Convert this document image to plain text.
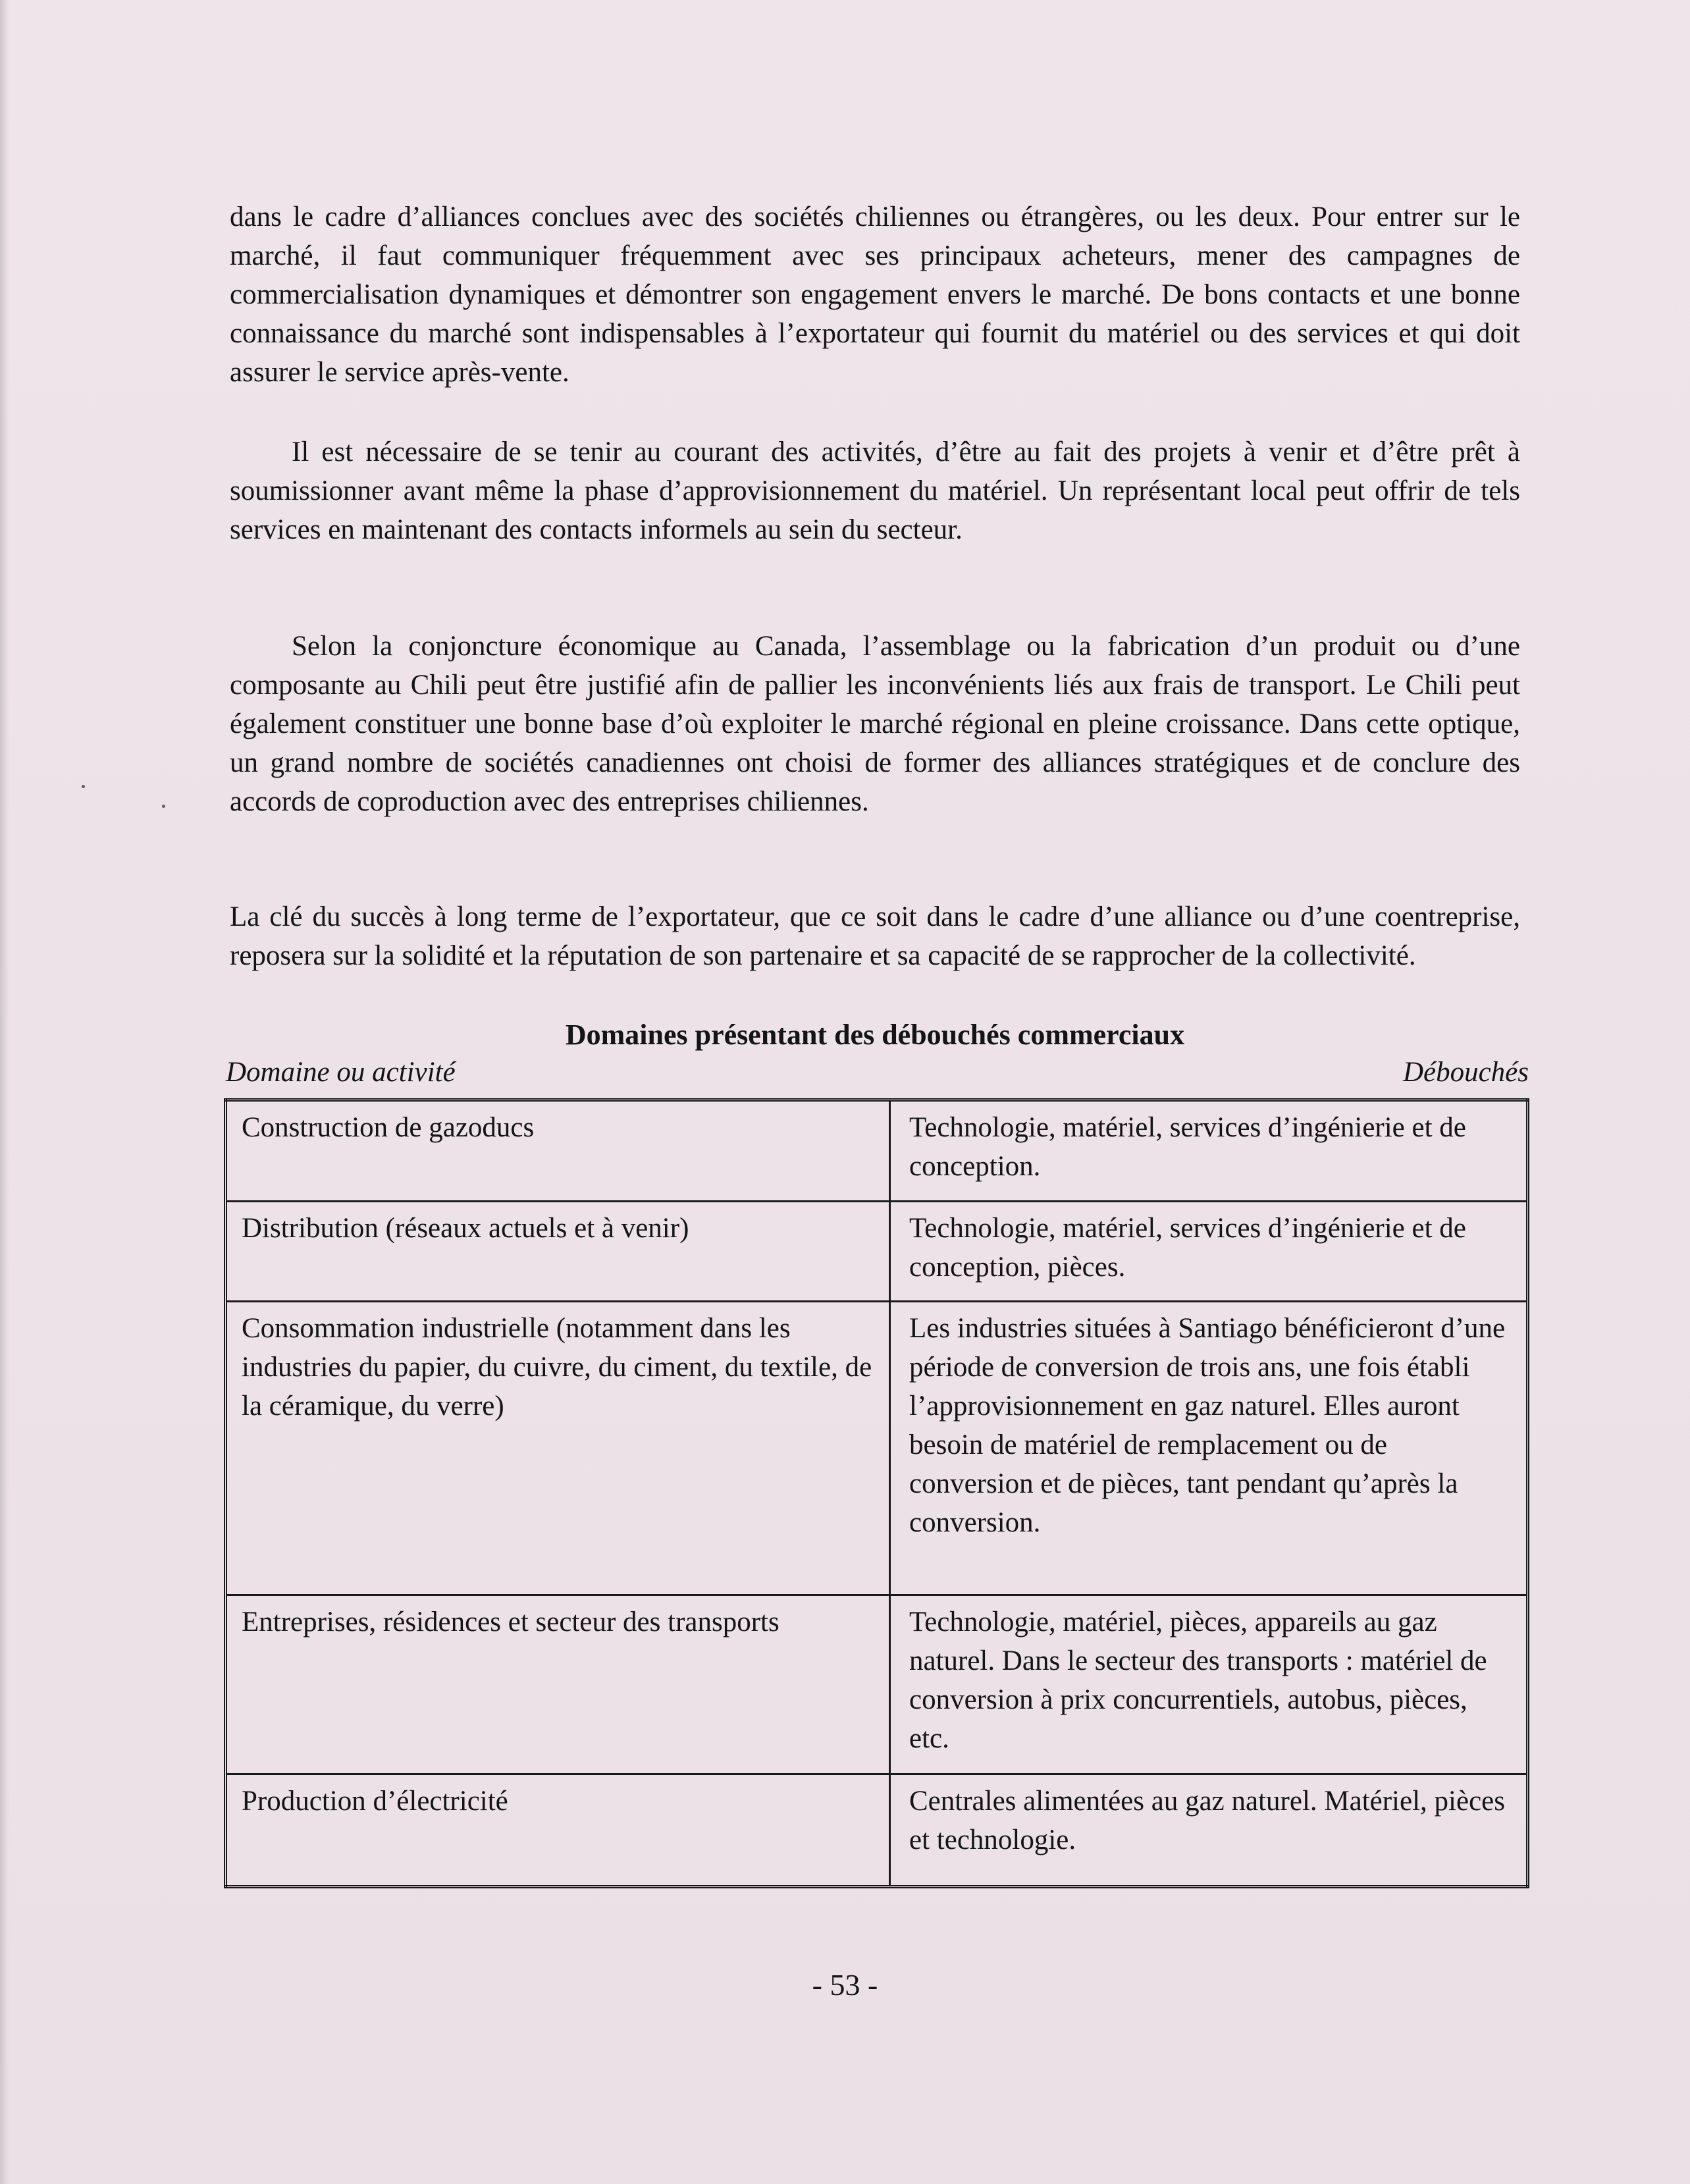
dans le cadre d’alliances conclues avec des sociétés chiliennes ou étrangères, ou les deux. Pour entrer sur le marché, il faut communiquer fréquemment avec ses principaux acheteurs, mener des campagnes de commercialisation dynamiques et démontrer son engagement envers le marché. De bons contacts et une bonne connaissance du marché sont indispensables à l’exportateur qui fournit du matériel ou des services et qui doit assurer le service après-vente.

Il est nécessaire de se tenir au courant des activités, d’être au fait des projets à venir et d’être prêt à soumissionner avant même la phase d’approvisionnement du matériel. Un représentant local peut offrir de tels services en maintenant des contacts informels au sein du secteur.

Selon la conjoncture économique au Canada, l’assemblage ou la fabrication d’un produit ou d’une composante au Chili peut être justifié afin de pallier les inconvénients liés aux frais de transport. Le Chili peut également constituer une bonne base d’où exploiter le marché régional en pleine croissance. Dans cette optique, un grand nombre de sociétés canadiennes ont choisi de former des alliances stratégiques et de conclure des accords de coproduction avec des entreprises chiliennes.

La clé du succès à long terme de l’exportateur, que ce soit dans le cadre d’une alliance ou d’une coentreprise, reposera sur la solidité et la réputation de son partenaire et sa capacité de se rapprocher de la collectivité.

Domaines présentant des débouchés commerciaux
Domaine ou activité	Débouchés
Construction de gazoducs	Technologie, matériel, services d’ingénierie et de conception.
Distribution (réseaux actuels et à venir)	Technologie, matériel, services d’ingénierie et de conception, pièces.
Consommation industrielle (notamment dans les industries du papier, du cuivre, du ciment, du textile, de la céramique, du verre)	Les industries situées à Santiago bénéficieront d’une période de conversion de trois ans, une fois établi l’approvisionnement en gaz naturel. Elles auront besoin de matériel de remplacement ou de conversion et de pièces, tant pendant qu’après la conversion.
Entreprises, résidences et secteur des transports	Technologie, matériel, pièces, appareils au gaz naturel. Dans le secteur des transports : matériel de conversion à prix concurrentiels, autobus, pièces, etc.
Production d’électricité	Centrales alimentées au gaz naturel. Matériel, pièces et technologie.
- 53 -
